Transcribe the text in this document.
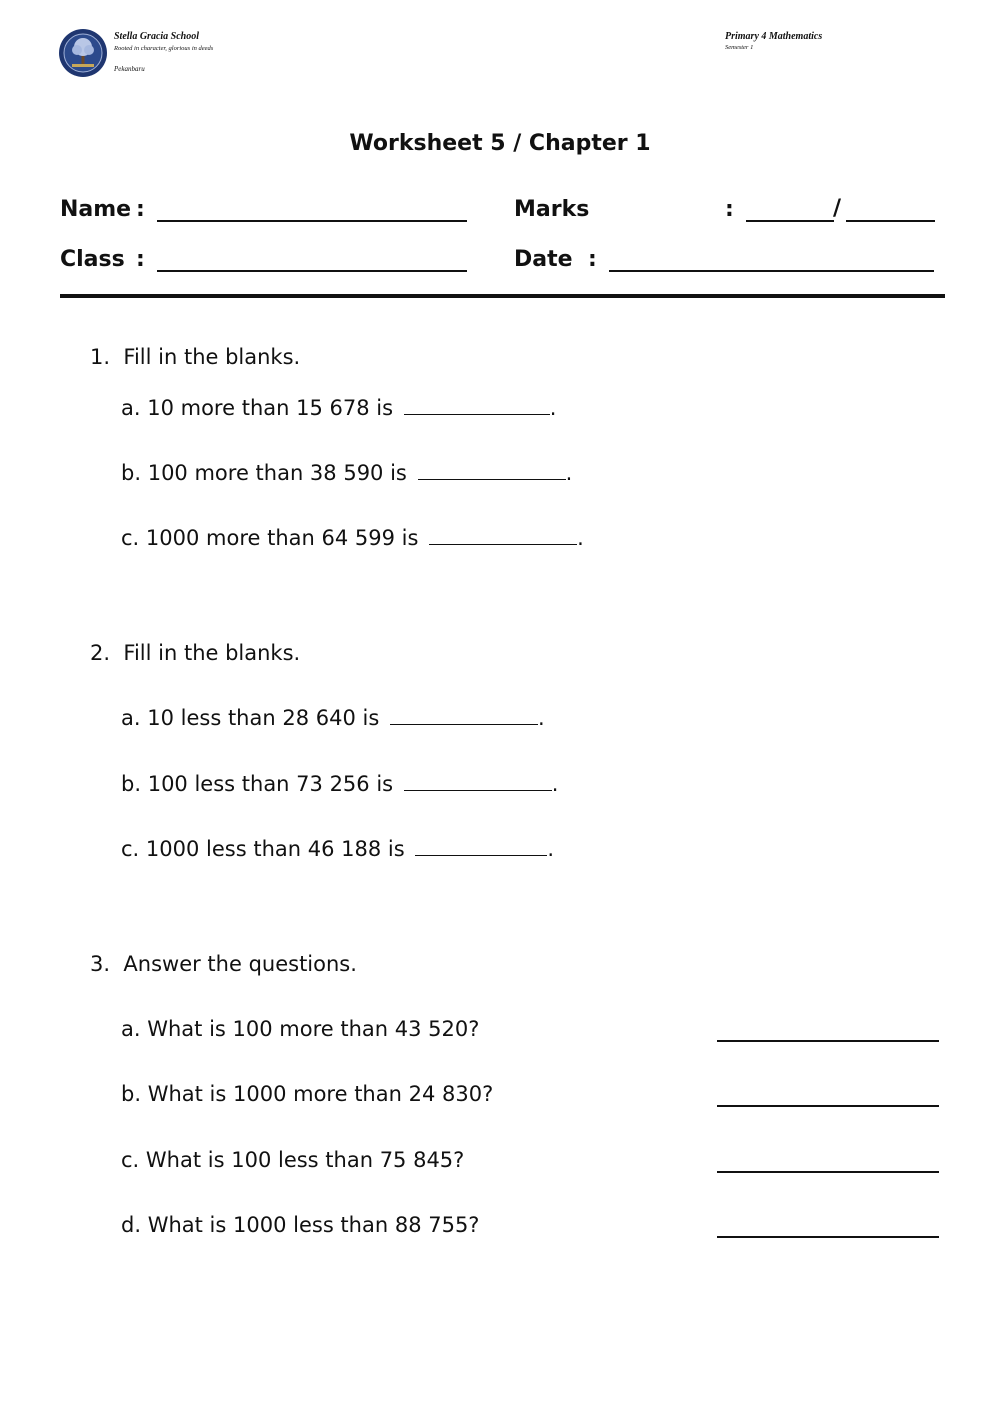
Stella Gracia School
Rooted in character, glorious in deeds
Pekanbaru
Primary 4 Mathematics
Semester 1
Worksheet 5 / Chapter 1
Name :	Marks	:	/
Class :	Date :
1. Fill in the blanks.
a. 10 more than 15 678 is	.
b. 100 more than 38 590 is	.
c. 1000 more than 64 599 is	.
2. Fill in the blanks.
a. 10 less than 28 640 is	.
b. 100 less than 73 256 is	.
c. 1000 less than 46 188 is	.
3. Answer the questions.
a. What is 100 more than 43 520?
b. What is 1000 more than 24 830?
c. What is 100 less than 75 845?
d. What is 1000 less than 88 755?
